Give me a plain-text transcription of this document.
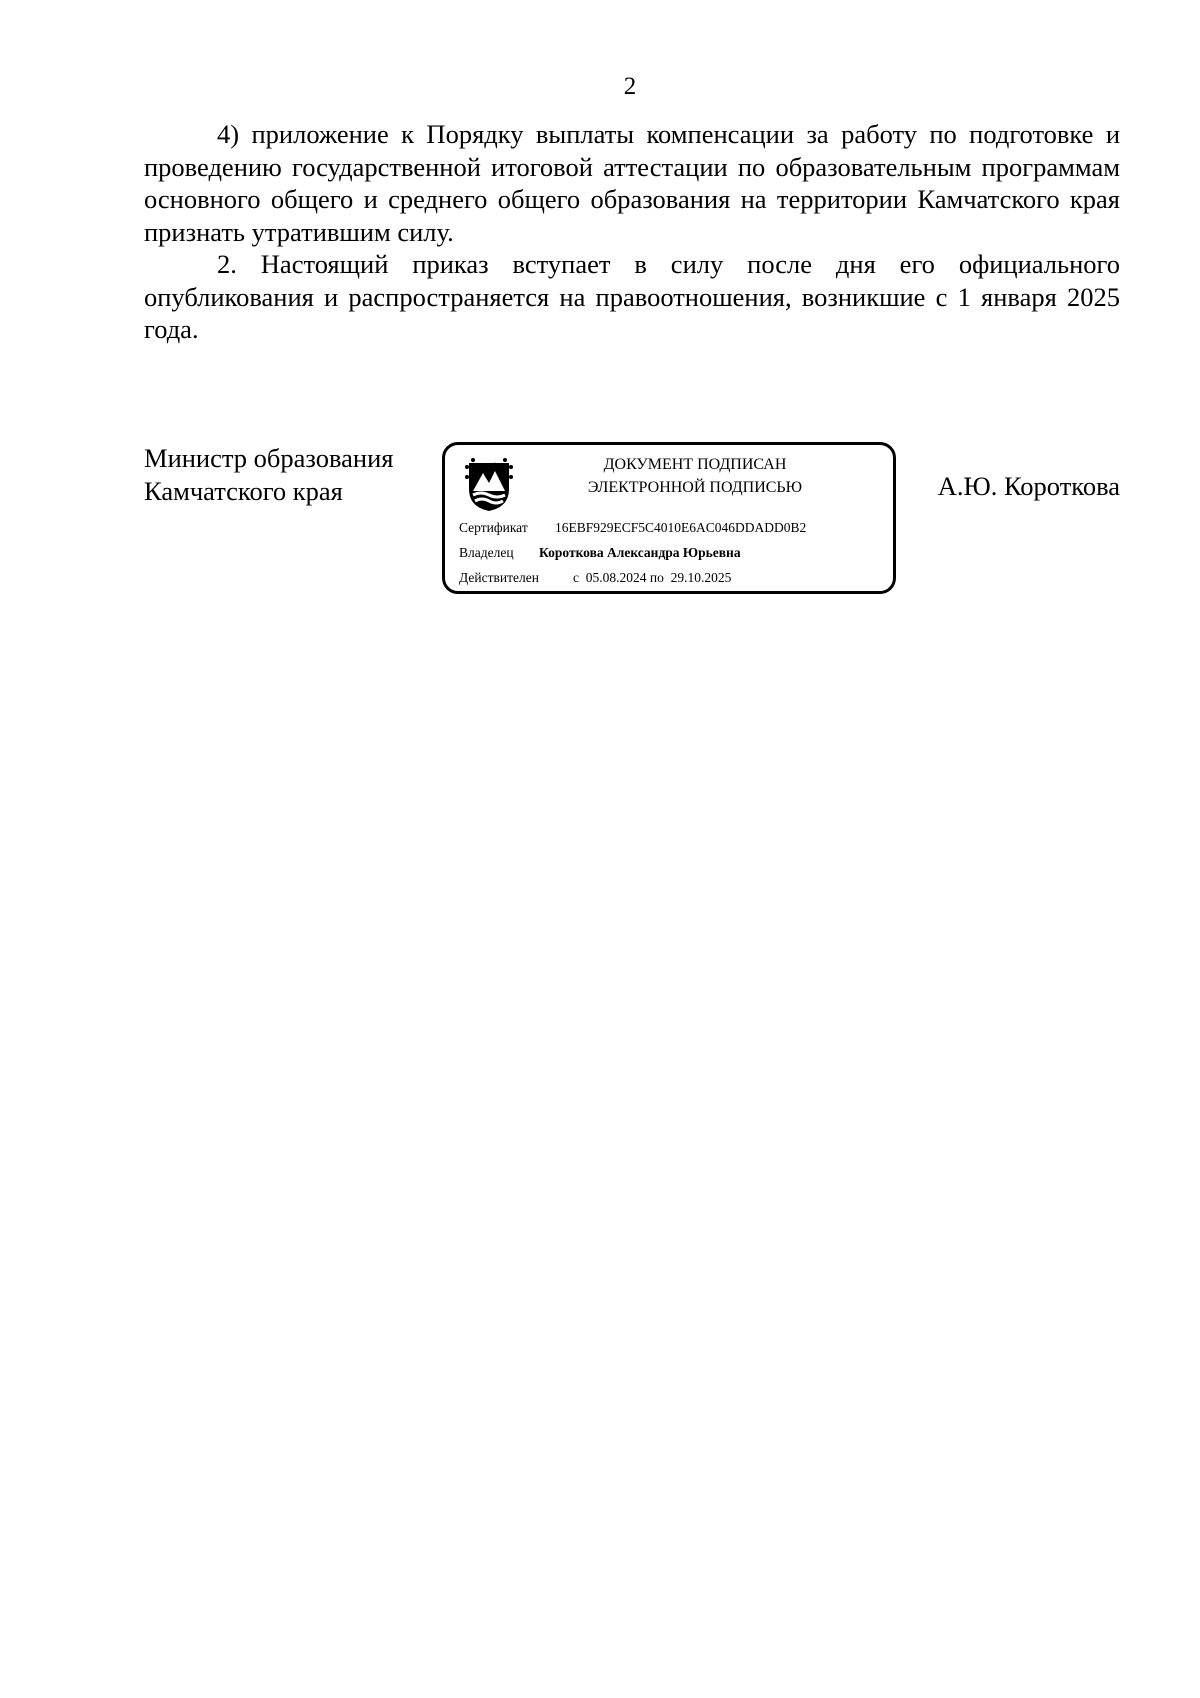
2

4) приложение к Порядку выплаты компенсации за работу по подготовке и проведению государственной итоговой аттестации по образовательным программам основного общего и среднего общего образования на территории Камчатского края признать утратившим силу.

2. Настоящий приказ вступает в силу после дня его официального опубликования и распространяется на правоотношения, возникшие с 1 января 2025 года.

Министр образования
Камчатского края
ДОКУМЕНТ ПОДПИСАН
ЭЛЕКТРОННОЙ ПОДПИСЬЮ
Сертификат 16EBF929ECF5C4010E6AC046DDADD0B2
Владелец Короткова Александра Юрьевна
Действителен	с  05.08.2024 по  29.10.2025
А.Ю. Короткова
